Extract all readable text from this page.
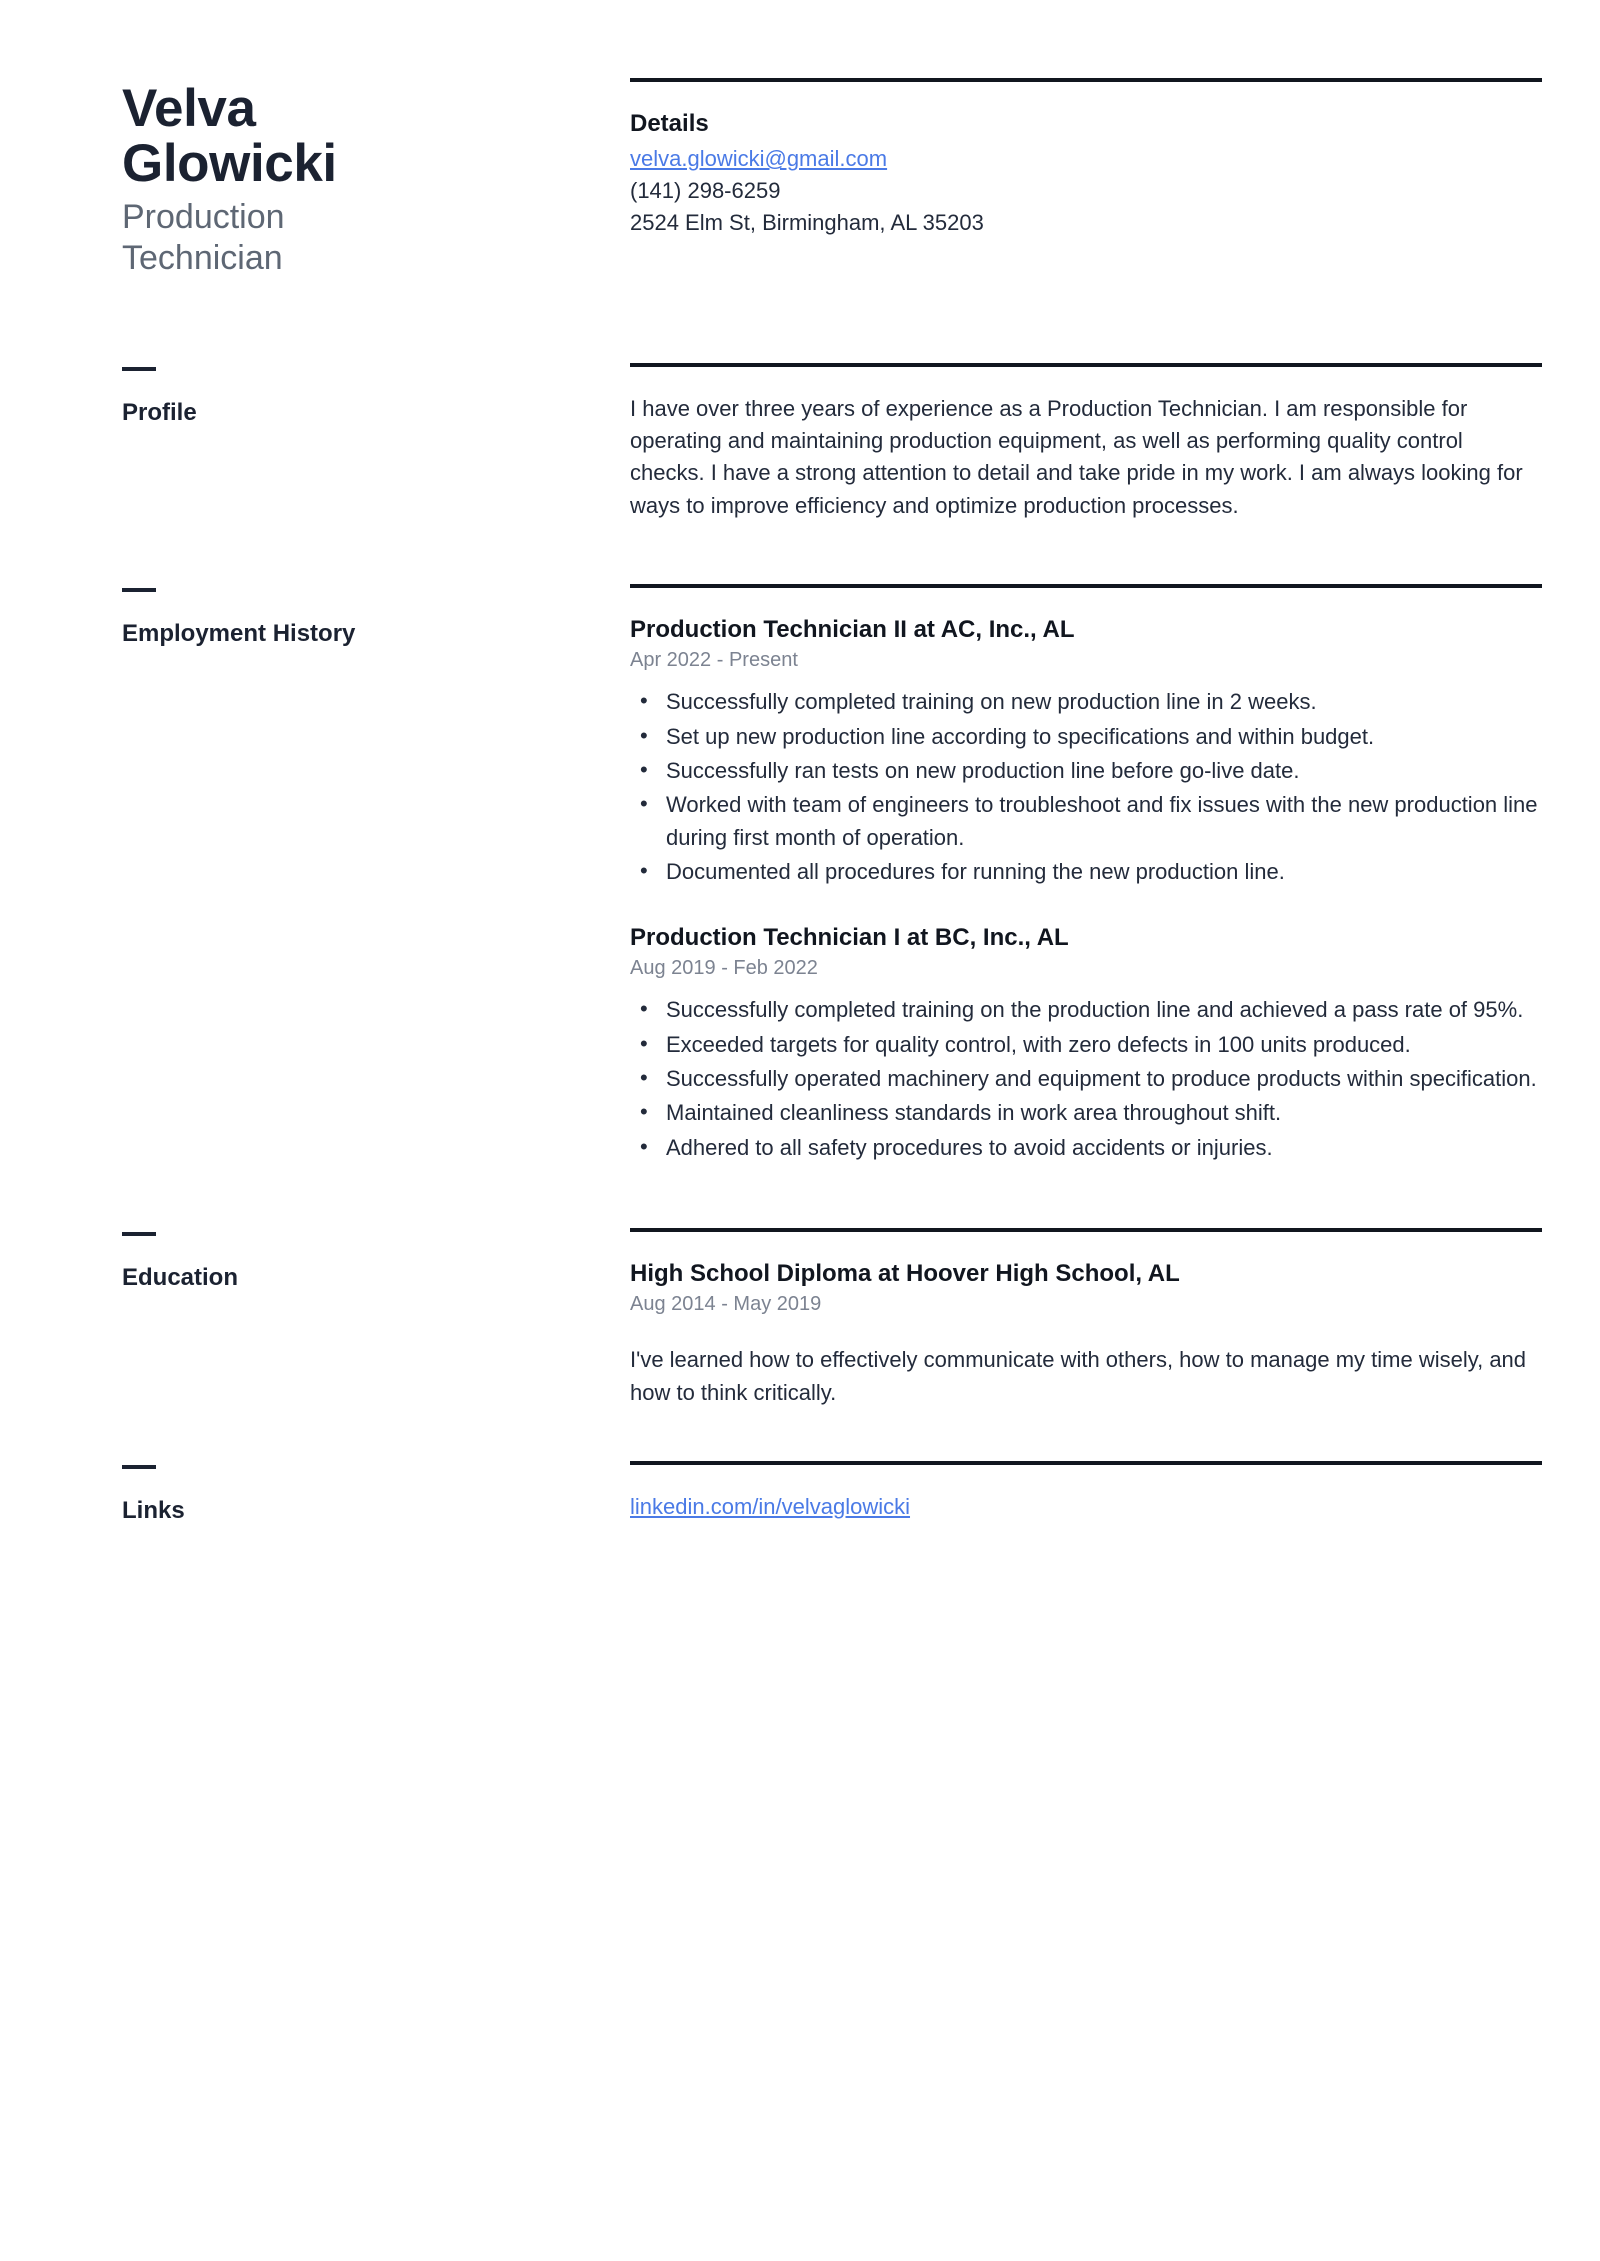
Velva
Glowicki
Production Technician
Details
velva.glowicki@gmail.com
(141) 298-6259
2524 Elm St, Birmingham, AL 35203
Profile	I have over three years of experience as a Production Technician. I am responsible for operating and maintaining production equipment, as well as performing quality control checks. I have a strong attention to detail and take pride in my work. I am always looking for ways to improve efficiency and optimize production processes.

Employment History	Production Technician II at AC, Inc., AL
Apr 2022 - Present
• Successfully completed training on new production line in 2 weeks.
• Set up new production line according to specifications and within budget.
• Successfully ran tests on new production line before go-live date.
• Worked with team of engineers to troubleshoot and fix issues with the new production line during first month of operation.
• Documented all procedures for running the new production line.
Production Technician I at BC, Inc., AL
Aug 2019 - Feb 2022
• Successfully completed training on the production line and achieved a pass rate of 95%.
• Exceeded targets for quality control, with zero defects in 100 units produced.
• Successfully operated machinery and equipment to produce products within specification.
• Maintained cleanliness standards in work area throughout shift.
• Adhered to all safety procedures to avoid accidents or injuries.
Education	High School Diploma at Hoover High School, AL
Aug 2014 - May 2019

I've learned how to effectively communicate with others, how to manage my time wisely, and how to think critically.

Links	linkedin.com/in/velvaglowicki
